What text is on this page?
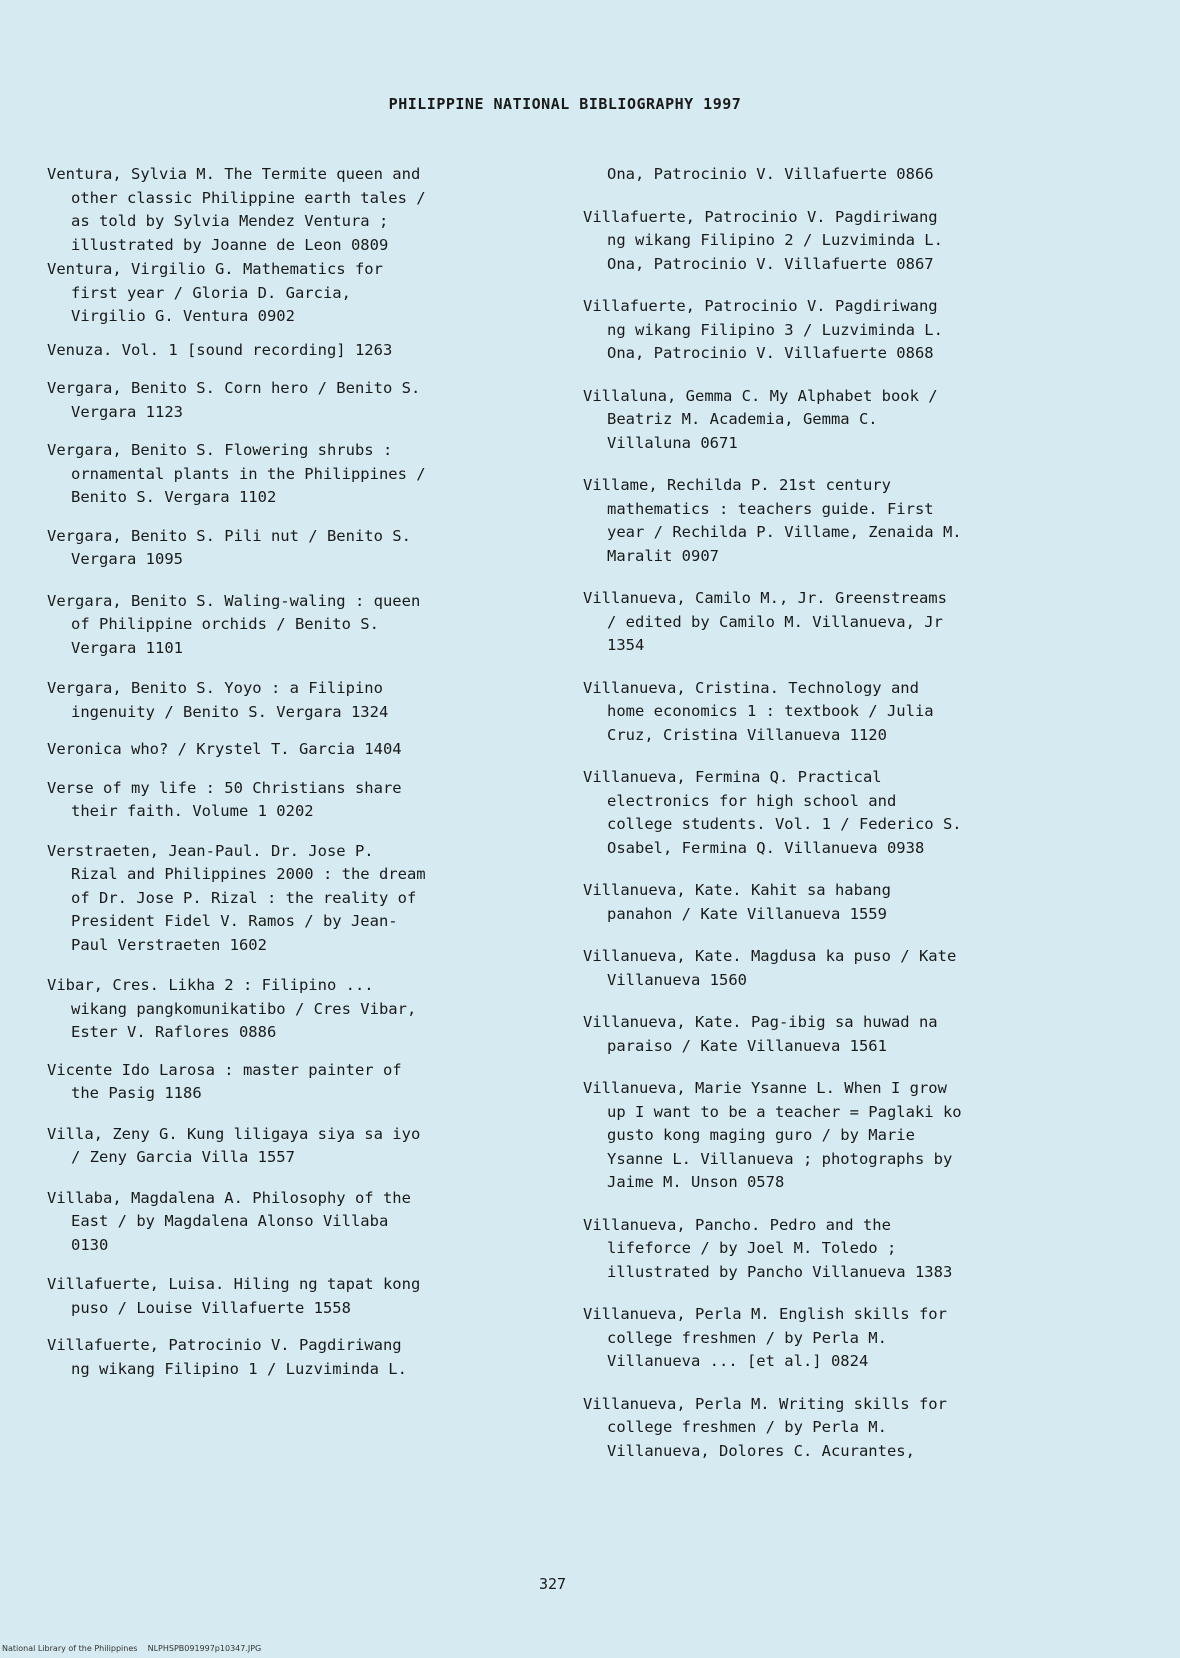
PHILIPPINE NATIONAL BIBLIOGRAPHY 1997
Ventura, Sylvia M. The Termite queen and
other classic Philippine earth tales /
as told by Sylvia Mendez Ventura ;
illustrated by Joanne de Leon 0809
Ventura, Virgilio G. Mathematics for
first year / Gloria D. Garcia,
Virgilio G. Ventura 0902
Venuza. Vol. 1 [sound recording] 1263
Vergara, Benito S. Corn hero / Benito S.
Vergara 1123
Vergara, Benito S. Flowering shrubs :
ornamental plants in the Philippines /
Benito S. Vergara 1102
Vergara, Benito S. Pili nut / Benito S.
Vergara 1095
Vergara, Benito S. Waling-waling : queen
of Philippine orchids / Benito S.
Vergara 1101
Vergara, Benito S. Yoyo : a Filipino
ingenuity / Benito S. Vergara 1324
Veronica who? / Krystel T. Garcia 1404
Verse of my life : 50 Christians share
their faith. Volume 1 0202
Verstraeten, Jean-Paul. Dr. Jose P.
Rizal and Philippines 2000 : the dream
of Dr. Jose P. Rizal : the reality of
President Fidel V. Ramos / by Jean-
Paul Verstraeten 1602
Vibar, Cres. Likha 2 : Filipino ...
wikang pangkomunikatibo / Cres Vibar,
Ester V. Raflores 0886
Vicente Ido Larosa : master painter of
the Pasig 1186
Villa, Zeny G. Kung liligaya siya sa iyo
/ Zeny Garcia Villa 1557
Villaba, Magdalena A. Philosophy of the
East / by Magdalena Alonso Villaba
0130
Villafuerte, Luisa. Hiling ng tapat kong
puso / Louise Villafuerte 1558
Villafuerte, Patrocinio V. Pagdiriwang
ng wikang Filipino 1 / Luzviminda L.
Ona, Patrocinio V. Villafuerte 0866
Villafuerte, Patrocinio V. Pagdiriwang
ng wikang Filipino 2 / Luzviminda L.
Ona, Patrocinio V. Villafuerte 0867
Villafuerte, Patrocinio V. Pagdiriwang
ng wikang Filipino 3 / Luzviminda L.
Ona, Patrocinio V. Villafuerte 0868
Villaluna, Gemma C. My Alphabet book /
Beatriz M. Academia, Gemma C.
Villaluna 0671
Villame, Rechilda P. 21st century
mathematics : teachers guide. First
year / Rechilda P. Villame, Zenaida M.
Maralit 0907
Villanueva, Camilo M., Jr. Greenstreams
/ edited by Camilo M. Villanueva, Jr
1354
Villanueva, Cristina. Technology and
home economics 1 : textbook / Julia
Cruz, Cristina Villanueva 1120
Villanueva, Fermina Q. Practical
electronics for high school and
college students. Vol. 1 / Federico S.
Osabel, Fermina Q. Villanueva 0938
Villanueva, Kate. Kahit sa habang
panahon / Kate Villanueva 1559
Villanueva, Kate. Magdusa ka puso / Kate
Villanueva 1560
Villanueva, Kate. Pag-ibig sa huwad na
paraiso / Kate Villanueva 1561
Villanueva, Marie Ysanne L. When I grow
up I want to be a teacher = Paglaki ko
gusto kong maging guro / by Marie
Ysanne L. Villanueva ; photographs by
Jaime M. Unson 0578
Villanueva, Pancho. Pedro and the
lifeforce / by Joel M. Toledo ;
illustrated by Pancho Villanueva 1383
Villanueva, Perla M. English skills for
college freshmen / by Perla M.
Villanueva ... [et al.] 0824
Villanueva, Perla M. Writing skills for
college freshmen / by Perla M.
Villanueva, Dolores C. Acurantes,
327
National Library of the Philippines NLPHSPB091997p10347.JPG
